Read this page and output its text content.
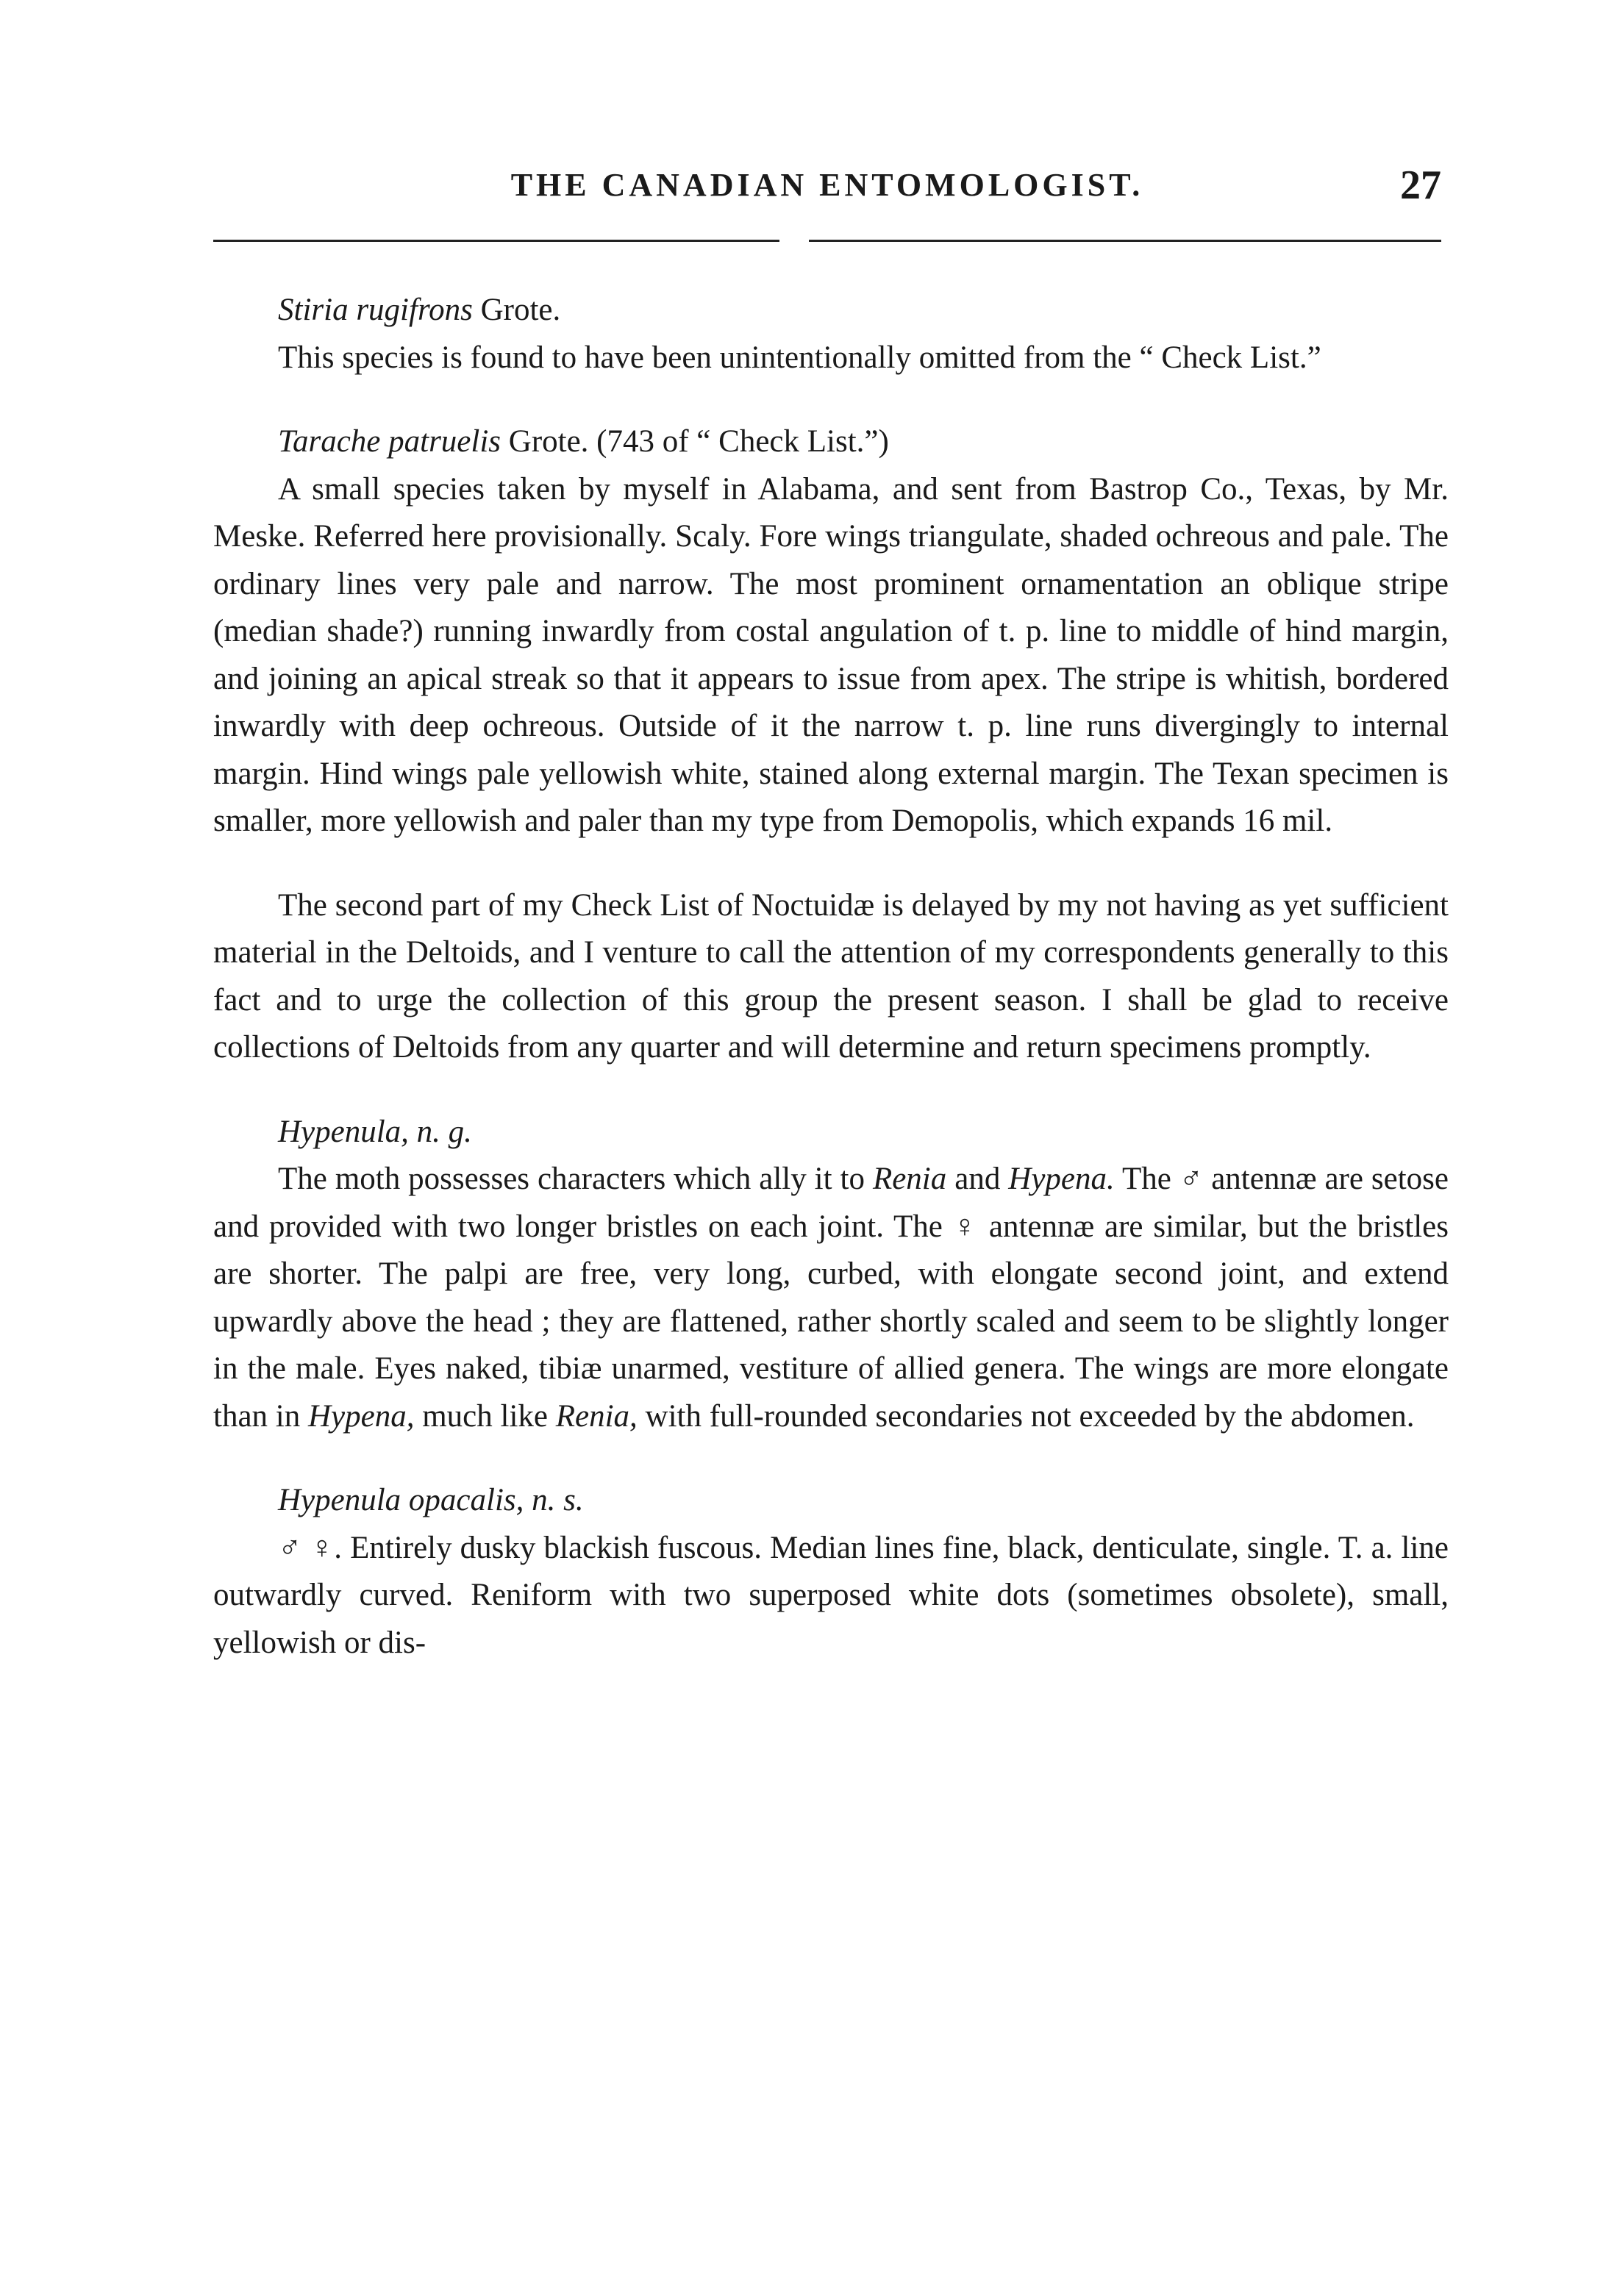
THE CANADIAN ENTOMOLOGIST.	27
Stiria rugifrons Grote.

This species is found to have been unintentionally omitted from the “ Check List.”

Tarache patruelis Grote. (743 of “ Check List.”)

A small species taken by myself in Alabama, and sent from Bastrop Co., Texas, by Mr. Meske. Referred here provisionally. Scaly. Fore wings triangulate, shaded ochreous and pale. The ordinary lines very pale and narrow. The most prominent ornamentation an oblique stripe (median shade?) running inwardly from costal angulation of t. p. line to middle of hind margin, and joining an apical streak so that it appears to issue from apex. The stripe is whitish, bordered inwardly with deep ochreous. Outside of it the narrow t. p. line runs divergingly to internal margin. Hind wings pale yellowish white, stained along external margin. The Texan specimen is smaller, more yellowish and paler than my type from Demopolis, which expands 16 mil.

The second part of my Check List of Noctuidæ is delayed by my not having as yet sufficient material in the Deltoids, and I venture to call the attention of my correspondents generally to this fact and to urge the collection of this group the present season. I shall be glad to receive collections of Deltoids from any quarter and will determine and return specimens promptly.

Hypenula, n. g.

The moth possesses characters which ally it to Renia and Hypena. The ♂ antennæ are setose and provided with two longer bristles on each joint. The ♀ antennæ are similar, but the bristles are shorter. The palpi are free, very long, curbed, with elongate second joint, and extend upwardly above the head ; they are flattened, rather shortly scaled and seem to be slightly longer in the male. Eyes naked, tibiæ unarmed, vestiture of allied genera. The wings are more elongate than in Hypena, much like Renia, with full-rounded secondaries not exceeded by the abdomen.

Hypenula opacalis, n. s.

♂ ♀. Entirely dusky blackish fuscous. Median lines fine, black, denticulate, single. T. a. line outwardly curved. Reniform with two superposed white dots (sometimes obsolete), small, yellowish or dis-
